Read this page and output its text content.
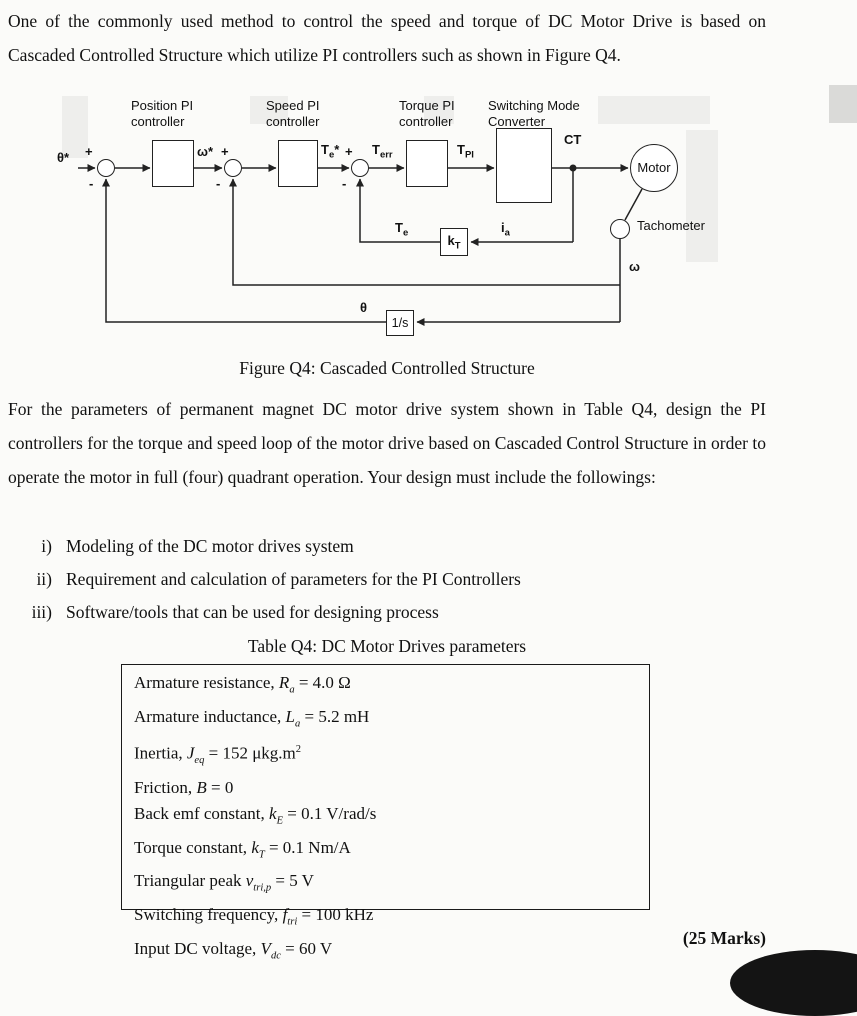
One of the commonly used method to control the speed and torque of DC Motor Drive is based on Cascaded Controlled Structure which utilize PI controllers such as shown in Figure Q4.
$k_T$
1/s
Motor
Tachometer
Position PI
controller
Speed PI
controller
Torque PI
controller
Switching Mode
Converter
θ* +
-
ω* +
-
$T_e*$ +
-
$T_{err}$	$T_{PI}$
CT
$i_a$
$T_e$
ω
θ
Figure Q4: Cascaded Controlled Structure
For the parameters of permanent magnet DC motor drive system shown in Table Q4, design the PI controllers for the torque and speed loop of the motor drive based on Cascaded Control Structure in order to operate the motor in full (four) quadrant operation. Your design must include the followings:
i) Modeling of the DC motor drives system
ii) Requirement and calculation of parameters for the PI Controllers
iii) Software/tools that can be used for designing process
Table Q4: DC Motor Drives parameters
Armature resistance, $R_a = 4.0$ Ω
Armature inductance, $L_a = 5.2$ mH
Inertia, $J_{eq} = 152$ $\mu kg.m^2$
Friction, B = 0
Back emf constant, $k_E = 0.1$ V/rad/s
Torque constant, $k_T = 0.1$ Nm/A
Triangular peak $v_{tri,p} = 5$ V
Switching frequency, $f_{tri} = 100$ kHz
Input DC voltage, $V_{dc} = 60$ V
(25 Marks)
